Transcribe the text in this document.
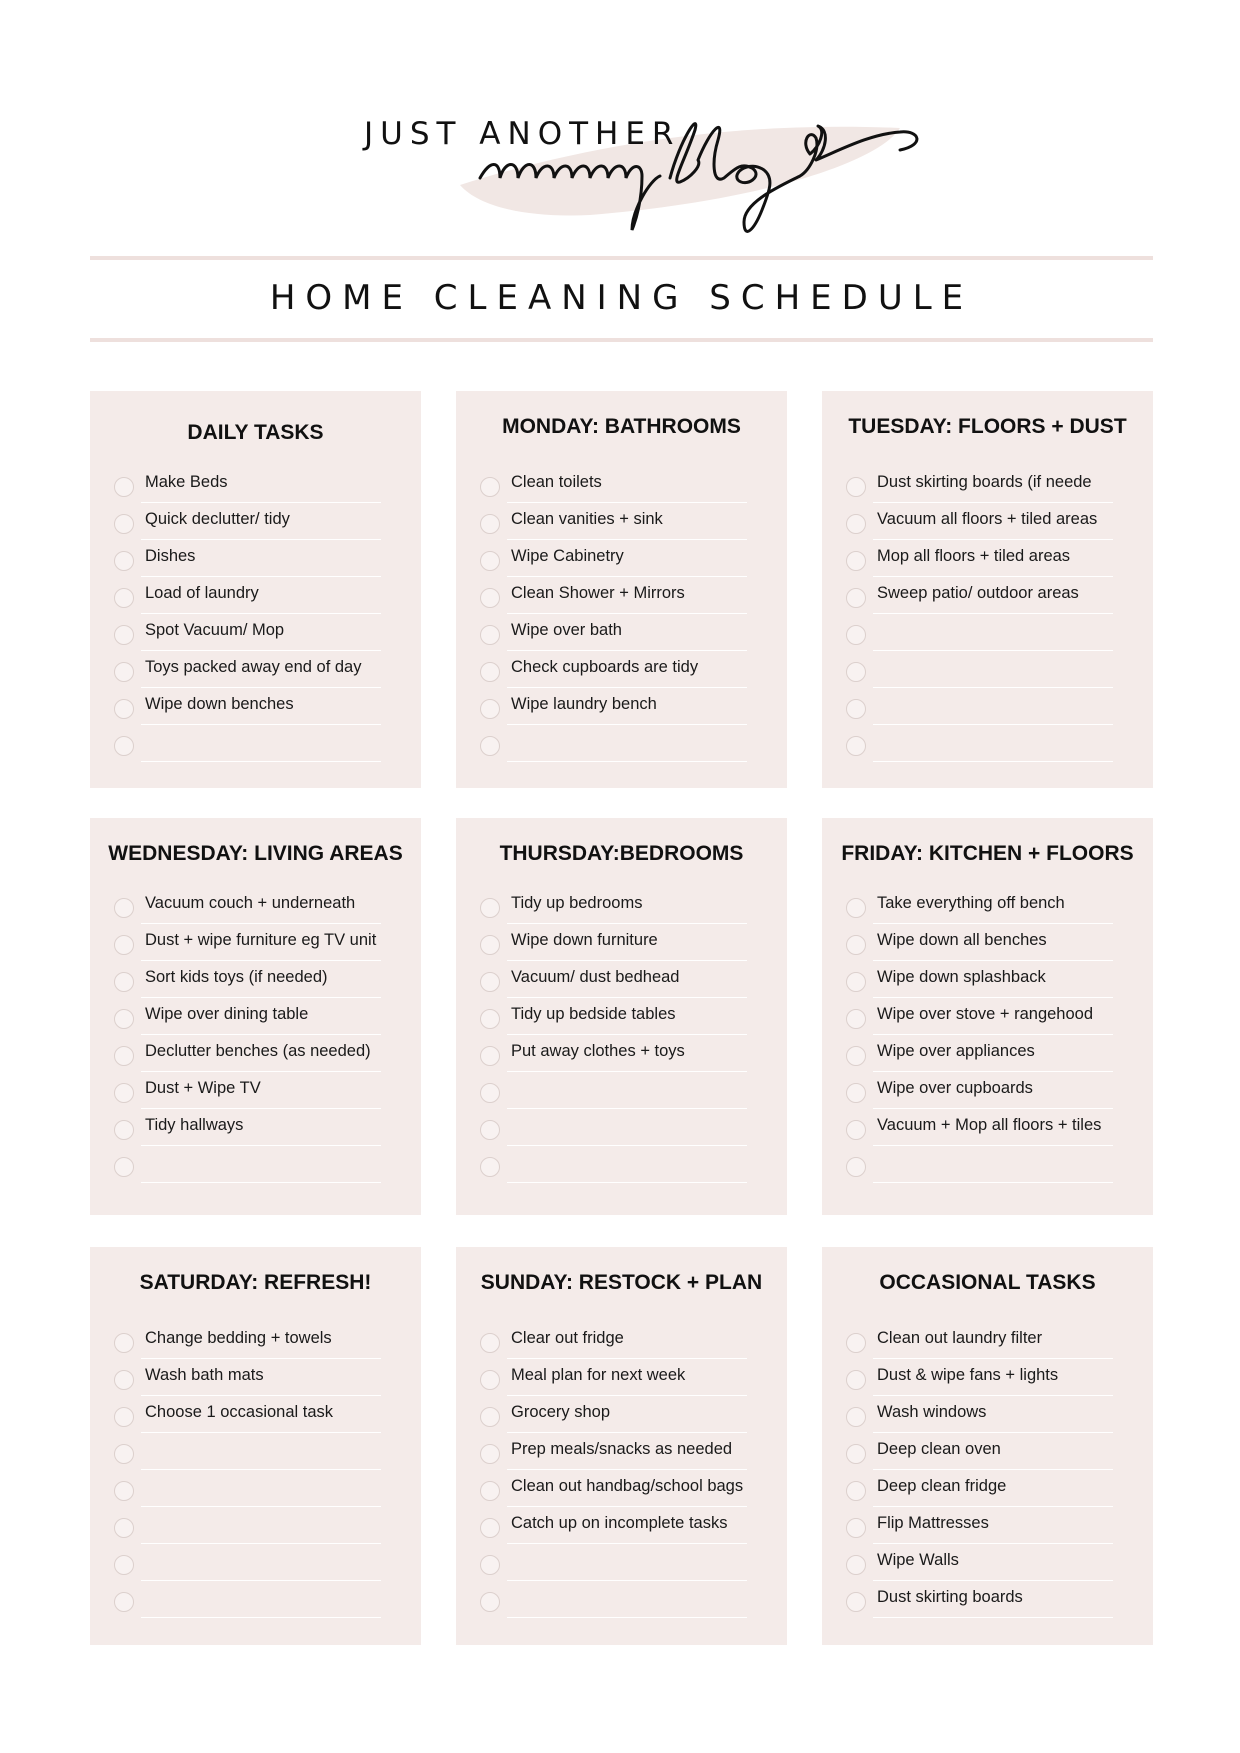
JUST ANOTHER
HOME CLEANING SCHEDULE
DAILY TASKS
Make Beds
Quick declutter/ tidy
Dishes
Load of laundry
Spot Vacuum/ Mop
Toys packed away end of day
Wipe down benches
MONDAY: BATHROOMS
Clean toilets
Clean vanities + sink
Wipe Cabinetry
Clean Shower + Mirrors
Wipe over bath
Check cupboards are tidy
Wipe laundry bench
TUESDAY: FLOORS + DUST
Dust skirting boards (if neede
Vacuum all floors + tiled areas
Mop all floors + tiled areas
Sweep patio/ outdoor areas
WEDNESDAY: LIVING AREAS
Vacuum couch + underneath
Dust + wipe furniture eg TV unit
Sort kids toys (if needed)
Wipe over dining table
Declutter benches (as needed)
Dust + Wipe TV
Tidy hallways
THURSDAY:BEDROOMS
Tidy up bedrooms
Wipe down furniture
Vacuum/ dust bedhead
Tidy up bedside tables
Put away clothes + toys
FRIDAY: KITCHEN + FLOORS
Take everything off bench
Wipe down all benches
Wipe down splashback
Wipe over stove + rangehood
Wipe over appliances
Wipe over cupboards
Vacuum + Mop all floors + tiles
SATURDAY: REFRESH!
Change bedding + towels
Wash bath mats
Choose 1 occasional task
SUNDAY: RESTOCK + PLAN
Clear out fridge
Meal plan for next week
Grocery shop
Prep meals/snacks as needed
Clean out handbag/school bags
Catch up on incomplete tasks
OCCASIONAL TASKS
Clean out laundry filter
Dust & wipe fans + lights
Wash windows
Deep clean oven
Deep clean fridge
Flip Mattresses
Wipe Walls
Dust skirting boards
